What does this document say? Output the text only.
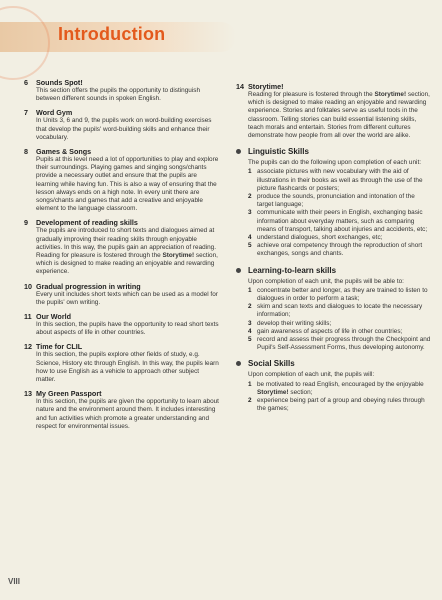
Introduction
6	Sounds Spot!
This section offers the pupils the opportunity to distinguish between different sounds in spoken English.
7	Word Gym
In Units 3, 6 and 9, the pupils work on word-building exercises that develop the pupils' word-building skills and enhance their vocabulary.
8	Games & Songs
Pupils at this level need a lot of opportunities to play and explore their surroundings. Playing games and singing songs/chants provide a necessary outlet and ensure that the pupils are learning while having fun. This is also a way of ensuring that the lesson always ends on a high note. In every unit there are songs/chants and games that add a creative and enjoyable element to the language classroom.
9	Development of reading skills
The pupils are introduced to short texts and dialogues aimed at gradually improving their reading skills through enjoyable activities. In this way, the pupils gain an appreciation of reading. Reading for pleasure is fostered through the Storytime! section, which is designed to make reading an enjoyable and rewarding experience.
10 Gradual progression in writing
Every unit includes short texts which can be used as a model for the pupils' own writing.
11 Our World
In this section, the pupils have the opportunity to read short texts about aspects of life in other countries.
12 Time for CLIL
In this section, the pupils explore other fields of study, e.g. Science, History etc through English. In this way, the pupils learn how to use English as a vehicle to approach other subject matter.
13 My Green Passport
In this section, the pupils are given the opportunity to learn about nature and the environment around them. It includes interesting and fun activities which promote a greater understanding and respect for environmental issues.
14 Storytime!
Reading for pleasure is fostered through the Storytime! section, which is designed to make reading an enjoyable and rewarding experience. Stories and folktales serve as useful tools in the classroom. Telling stories can build essential listening skills, teach morals and entertain. Stories from different cultures demonstrate how people from all over the world are alike.
Linguistic Skills
The pupils can do the following upon completion of each unit:
1 associate pictures with new vocabulary with the aid of illustrations in their books as well as through the use of the picture flashcards or posters;
2 produce the sounds, pronunciation and intonation of the target language;
3 communicate with their peers in English, exchanging basic information about everyday matters, such as comparing means of transport, talking about injuries and accidents, etc;
4 understand dialogues, short exchanges, etc;
5 achieve oral competency through the reproduction of short exchanges, songs and chants.
Learning-to-learn skills
Upon completion of each unit, the pupils will be able to:
1 concentrate better and longer, as they are trained to listen to dialogues in order to perform a task;
2 skim and scan texts and dialogues to locate the necessary information;
3 develop their writing skills;
4 gain awareness of aspects of life in other countries;
5 record and assess their progress through the Checkpoint and Pupil's Self-Assessment Forms, thus developing autonomy.
Social Skills
Upon completion of each unit, the pupils will:
1 be motivated to read English, encouraged by the enjoyable Storytime! section;
2 experience being part of a group and obeying rules through the games;
VIII
